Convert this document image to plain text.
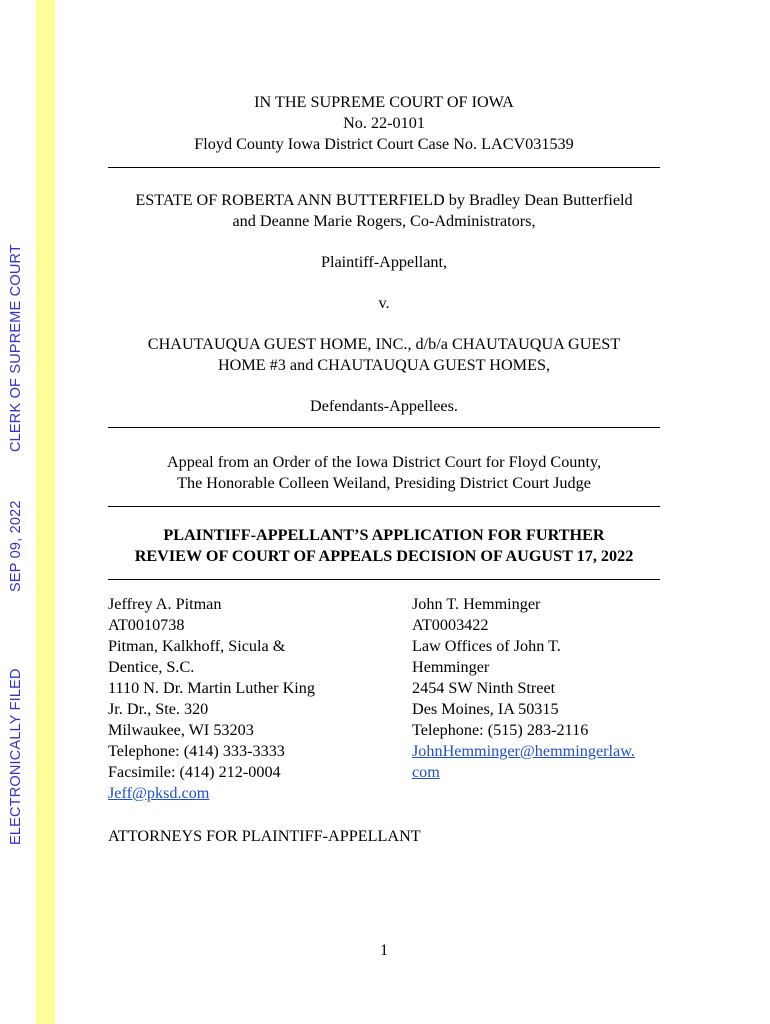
ELECTRONICALLY FILED
SEP 09, 2022
CLERK OF SUPREME COURT
IN THE SUPREME COURT OF IOWA
No. 22-0101
Floyd County Iowa District Court Case No. LACV031539
ESTATE OF ROBERTA ANN BUTTERFIELD by Bradley Dean Butterfield
and Deanne Marie Rogers, Co-Administrators,
Plaintiff-Appellant,
v.
CHAUTAUQUA GUEST HOME, INC., d/b/a CHAUTAUQUA GUEST
HOME #3 and CHAUTAUQUA GUEST HOMES,
Defendants-Appellees.
Appeal from an Order of the Iowa District Court for Floyd County,
The Honorable Colleen Weiland, Presiding District Court Judge
PLAINTIFF-APPELLANT’S APPLICATION FOR FURTHER
REVIEW OF COURT OF APPEALS DECISION OF AUGUST 17, 2022
Jeffrey A. Pitman
AT0010738
Pitman, Kalkhoff, Sicula &
Dentice, S.C.
1110 N. Dr. Martin Luther King
Jr. Dr., Ste. 320
Milwaukee, WI 53203
Telephone: (414) 333-3333
Facsimile: (414) 212-0004
Jeff@pksd.com
John T. Hemminger
AT0003422
Law Offices of John T.
Hemminger
2454 SW Ninth Street
Des Moines, IA 50315
Telephone: (515) 283-2116
JohnHemminger@hemmingerlaw.
com
ATTORNEYS FOR PLAINTIFF-APPELLANT
1
